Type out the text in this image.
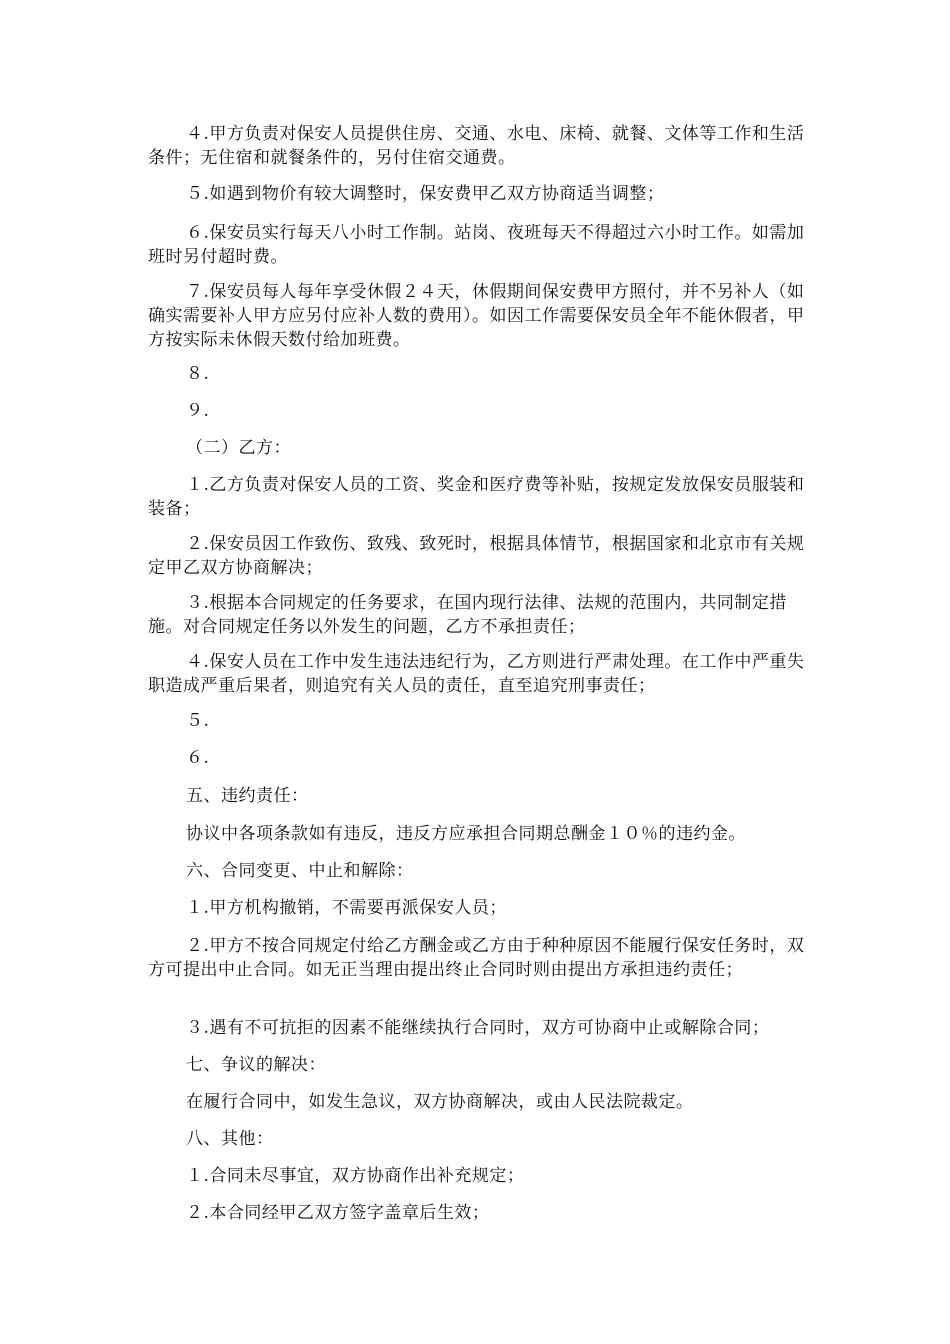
４.甲方负责对保安人员提供住房、交通、水电、床椅、就餐、文体等工作和生活条件；无住宿和就餐条件的，另付住宿交通费。

５.如遇到物价有较大调整时，保安费甲乙双方协商适当调整；

６.保安员实行每天八小时工作制。站岗、夜班每天不得超过六小时工作。如需加班时另付超时费。

７.保安员每人每年享受休假２４天，休假期间保安费甲方照付，并不另补人（如确实需要补人甲方应另付应补人数的费用）。如因工作需要保安员全年不能休假者，甲方按实际未休假天数付给加班费。

８.

９.

（二）乙方：

１.乙方负责对保安人员的工资、奖金和医疗费等补贴，按规定发放保安员服装和装备；

２.保安员因工作致伤、致残、致死时，根据具体情节，根据国家和北京市有关规定甲乙双方协商解决；

３.根据本合同规定的任务要求，在国内现行法律、法规的范围内，共同制定措施。对合同规定任务以外发生的问题，乙方不承担责任；

４.保安人员在工作中发生违法违纪行为，乙方则进行严肃处理。在工作中严重失职造成严重后果者，则追究有关人员的责任，直至追究刑事责任；

５.

６.

五、违约责任：

协议中各项条款如有违反，违反方应承担合同期总酬金１０％的违约金。

六、合同变更、中止和解除：

１.甲方机构撤销，不需要再派保安人员；

２.甲方不按合同规定付给乙方酬金或乙方由于种种原因不能履行保安任务时，双方可提出中止合同。如无正当理由提出终止合同时则由提出方承担违约责任；

３.遇有不可抗拒的因素不能继续执行合同时，双方可协商中止或解除合同；

七、争议的解决：

在履行合同中，如发生急议，双方协商解决，或由人民法院裁定。

八、其他：

１.合同未尽事宜，双方协商作出补充规定；

２.本合同经甲乙双方签字盖章后生效；
